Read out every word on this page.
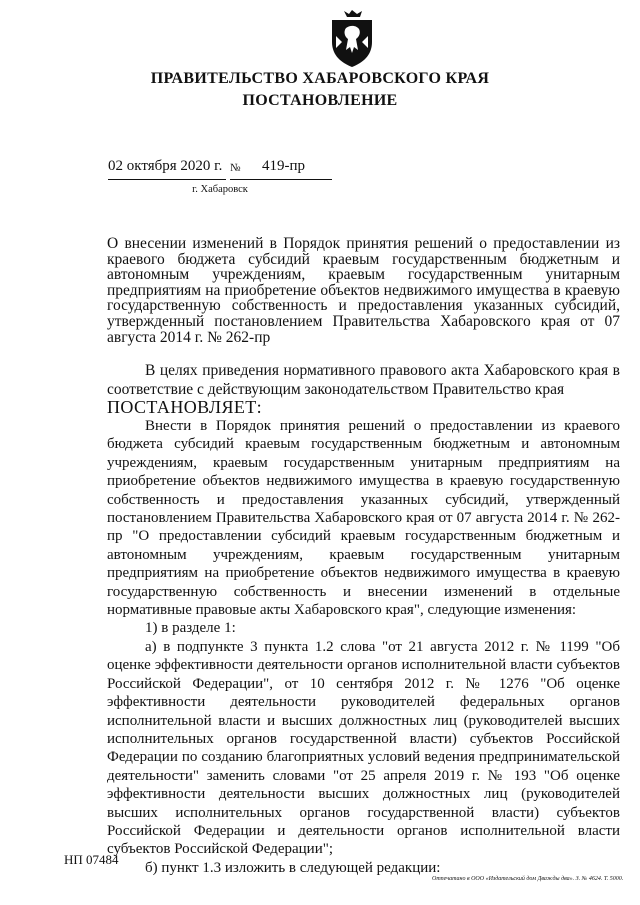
ПРАВИТЕЛЬСТВО ХАБАРОВСКОГО КРАЯ
ПОСТАНОВЛЕНИЕ
02 октября 2020 г. № 419-пр
г. Хабаровск
О внесении изменений в Порядок принятия решений о предоставлении из краевого бюджета субсидий краевым государственным бюджетным и автономным учреждениям, краевым государственным унитарным предприятиям на приобретение объектов недвижимого имущества в краевую государственную собственность и предоставления указанных субсидий, утвержденный постановлением Правительства Хабаровского края от 07 августа 2014 г. № 262-пр
В целях приведения нормативного правового акта Хабаровского края в соответствие с действующим законодательством Правительство края
ПОСТАНОВЛЯЕТ:

Внести в Порядок принятия решений о предоставлении из краевого бюджета субсидий краевым государственным бюджетным и автономным учреждениям, краевым государственным унитарным предприятиям на приобретение объектов недвижимого имущества в краевую государственную собственность и предоставления указанных субсидий, утвержденный постановлением Правительства Хабаровского края от 07 августа 2014 г. № 262-пр "О предоставлении субсидий краевым государственным бюджетным и автономным учреждениям, краевым государственным унитарным предприятиям на приобретение объектов недвижимого имущества в краевую государственную собственность и внесении изменений в отдельные нормативные правовые акты Хабаровского края", следующие изменения:

1) в разделе 1:

а) в подпункте 3 пункта 1.2 слова "от 21 августа 2012 г. № 1199 "Об оценке эффективности деятельности органов исполнительной власти субъектов Российской Федерации", от 10 сентября 2012 г. № 1276 "Об оценке эффективности деятельности руководителей федеральных органов исполнительной власти и высших должностных лиц (руководителей высших исполнительных органов государственной власти) субъектов Российской Федерации по созданию благоприятных условий ведения предпринимательской деятельности" заменить словами "от 25 апреля 2019 г. № 193 "Об оценке эффективности деятельности высших должностных лиц (руководителей высших исполнительных органов государственной власти) субъектов Российской Федерации и деятельности органов исполнительной власти субъектов Российской Федерации";

б) пункт 1.3 изложить в следующей редакции:

НП 07484
Отпечатано в ООО «Издательский дом Дважды два». З. № 4624. Т. 5000.
